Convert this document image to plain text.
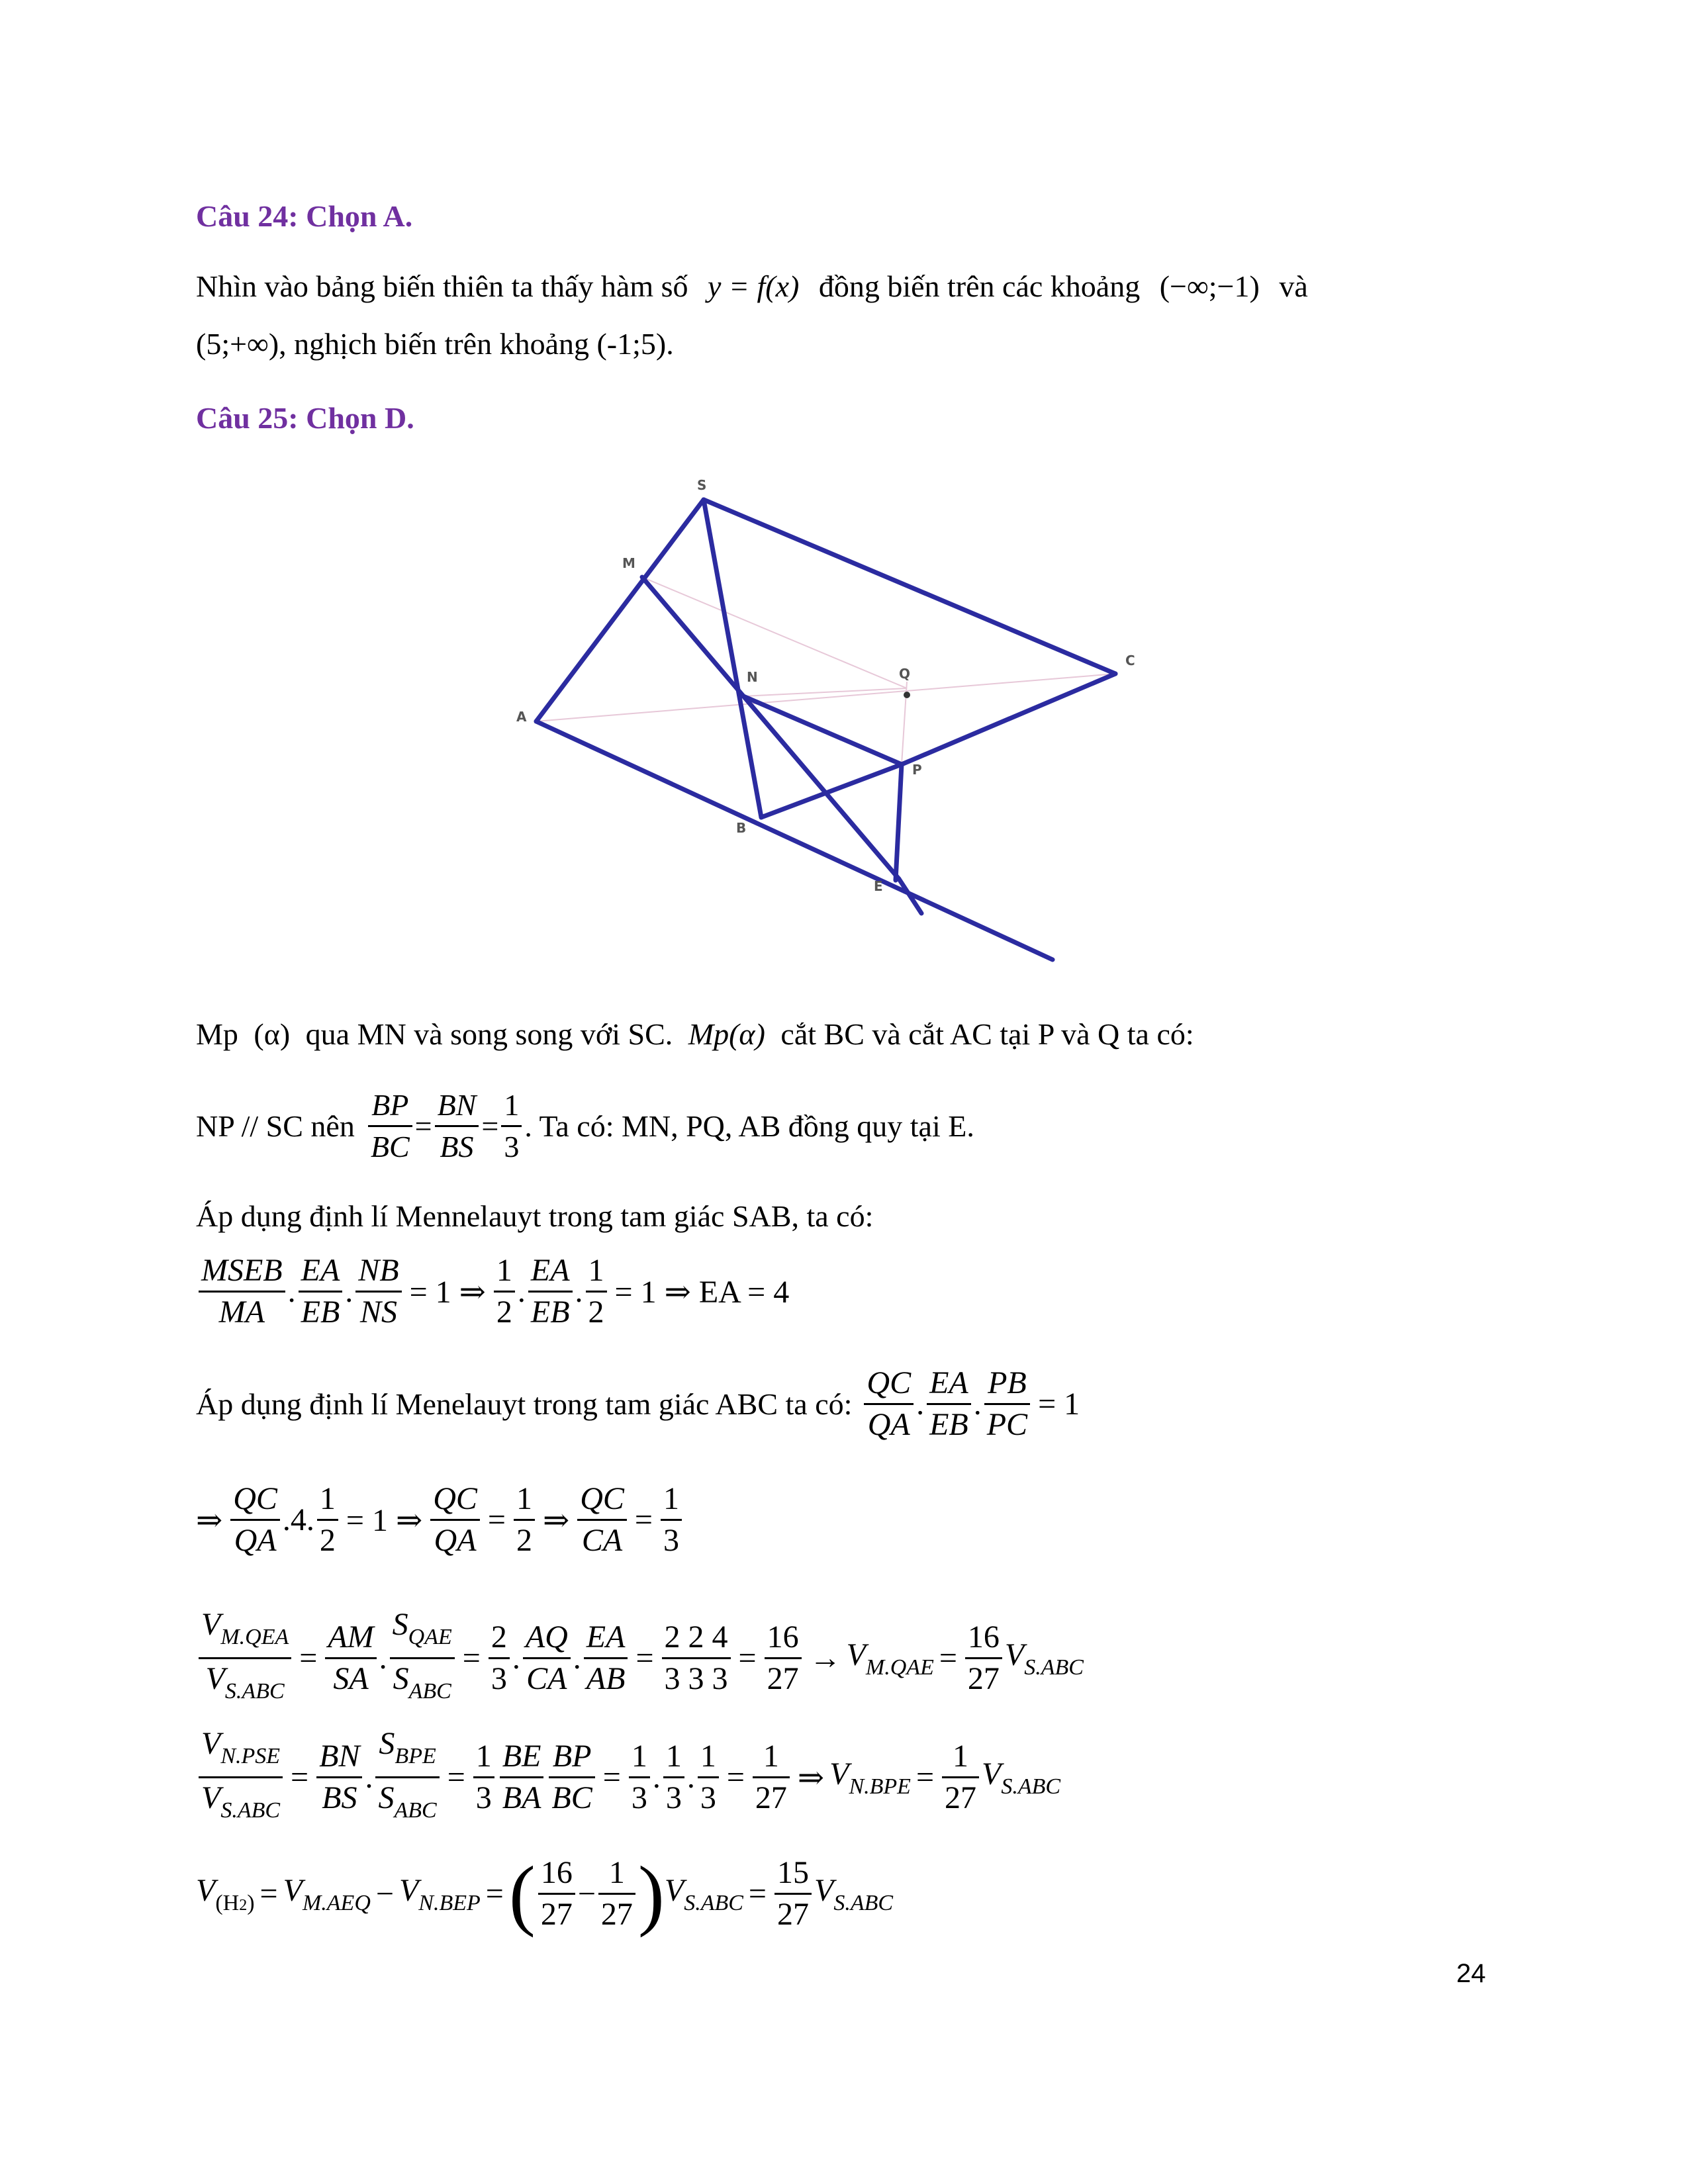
Câu 24: Chọn A.
Nhìn vào bảng biến thiên ta thấy hàm số y = f(x) đồng biến trên các khoảng (−∞;−1) và
(5;+∞), nghịch biến trên khoảng (-1;5).
Câu 25: Chọn D.
S
M
A
N	Q
C
P
B
E
Mp (α) qua MN và song song với SC. Mp(α) cắt BC và cắt AC tại P và Q ta có:
NP // SC nên $\frac{BP}{BC} = \frac{BN}{BS} = \frac{1}{3}$ . Ta có: MN, PQ, AB đồng quy tại E.
Áp dụng định lí Mennelauyt trong tam giác SAB, ta có:
$\frac{\text{MSEB}}{MA}$ . $\frac{EA}{EB}$ . $\frac{NB}{NS} = 1$ ⇒ $\frac{1}{2}$ . $\frac{EA}{EB}$ . $\frac{1}{2} = 1$ ⇒ EA = 4
Áp dụng định lí Menelauyt trong tam giác ABC ta có: $\frac{QC}{QA}$ . $\frac{EA}{EB}$ . $\frac{PB}{PC} = 1$
⇒ $\frac{QC}{QA} .4$. $\frac{1}{2} = 1$ ⇒ $\frac{QC}{QA} = \frac{1}{2}$ ⇒ $\frac{QC}{CA} = \frac{1}{3}$
$\frac{V_{M.QEA}}{V_{S.ABC}} = \frac{AM}{SA}$ . $\frac{S_{QAE}}{S_{ABC}} = \frac{2}{3}$ . $\frac{AQ}{CA}$ . $\frac{EA}{AB} = \frac{2 2 4}{3 3 3} = \frac{16}{27} \to V_{M.QAE} = \frac{16}{27} V_{S.ABC}$
$\frac{V_{N.PSE}}{V_{S.ABC}} = \frac{BN}{BS}$ . $\frac{S_{BPE}}{S_{ABC}} = \frac{1}{3} \frac{BE}{BA} \frac{BP}{BC} = \frac{1}{3}$ . $\frac{1}{3}$ . $\frac{1}{3} = \frac{1}{27}$ ⇒ $V_{N.BPE} = \frac{1}{27} V_{S.ABC}$
$V_{(H2)} = V_{M.AEQ} - V_{N.BEP}$ = ( $\frac{16}{27} - \frac{1}{27}$ ) $V_{S.ABC} = \frac{15}{27} V_{S.ABC}$
24
